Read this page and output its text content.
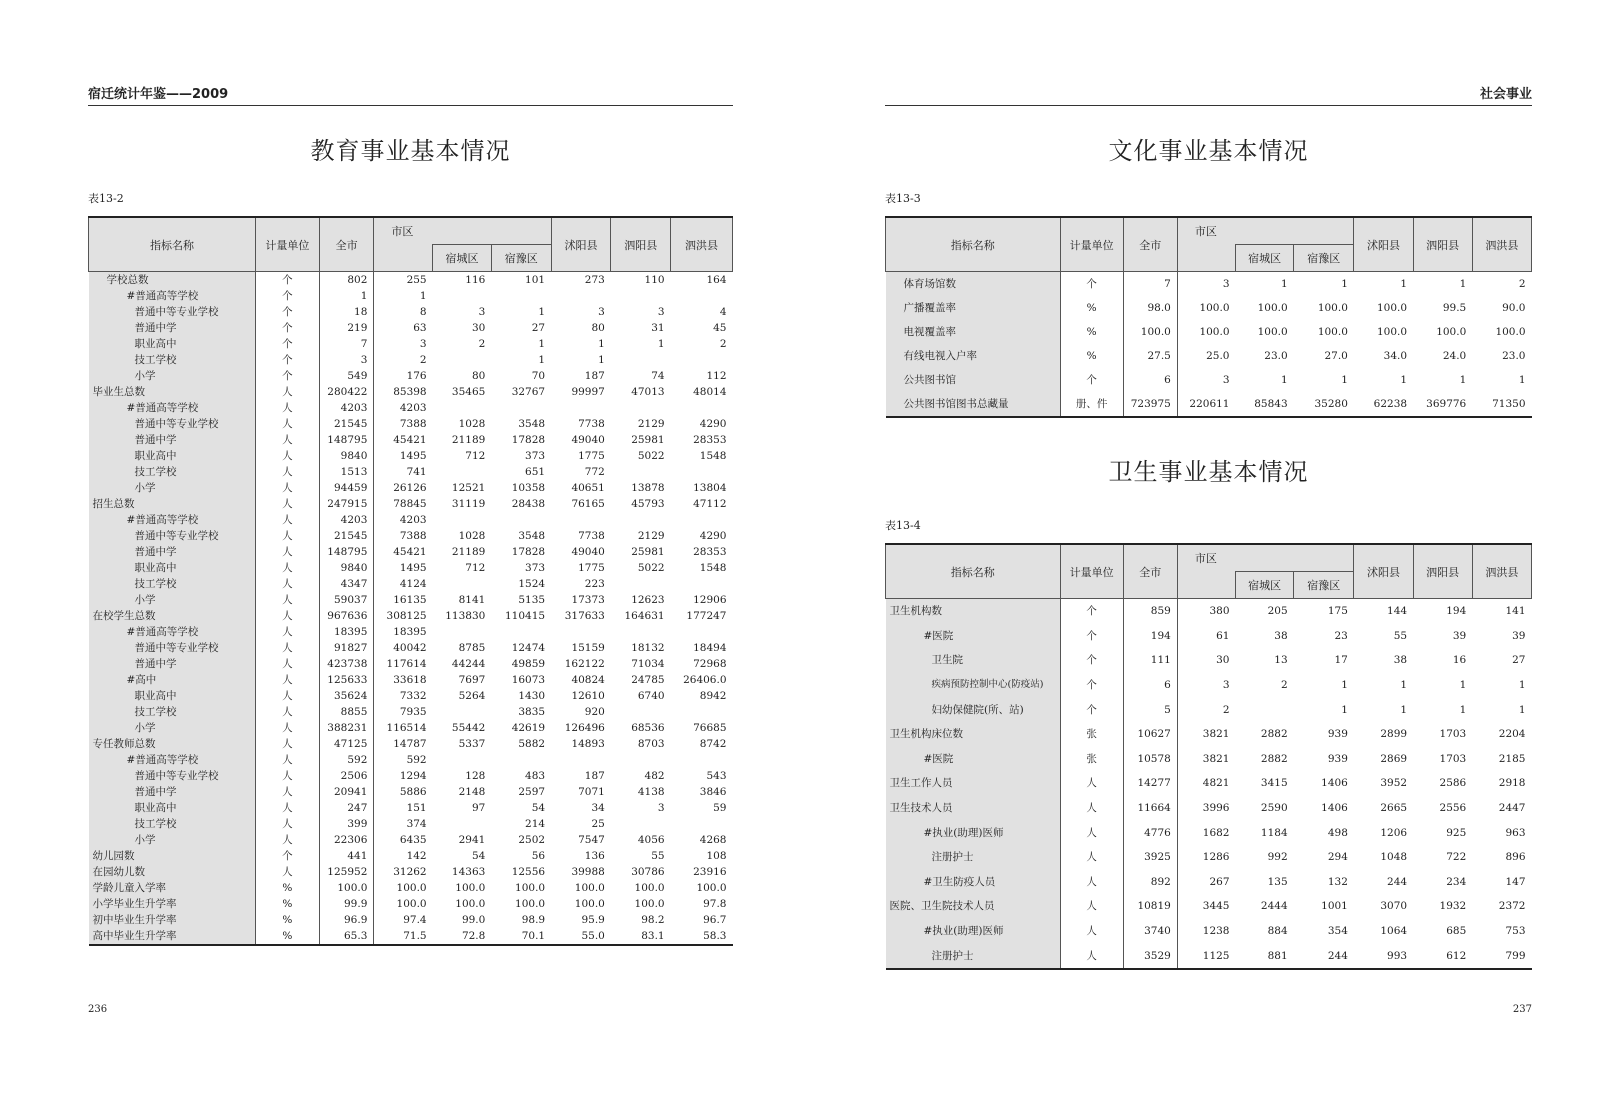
宿迁统计年鉴——2009
教育事业基本情况
表13-2
指标名称	计量单位	全市	市区			沭阳县	泗阳县	泗洪县
				宿城区	宿豫区			
学校总数	个	802	255	116	101	273	110	164
#普通高等学校	个	1	1					
普通中等专业学校	个	18	8	3	1	3	3	4
普通中学	个	219	63	30	27	80	31	45
职业高中	个	7	3	2	1	1	1	2
技工学校	个	3	2		1	1		
小学	个	549	176	80	70	187	74	112
毕业生总数	人	280422	85398	35465	32767	99997	47013	48014
#普通高等学校	人	4203	4203					
普通中等专业学校	人	21545	7388	1028	3548	7738	2129	4290
普通中学	人	148795	45421	21189	17828	49040	25981	28353
职业高中	人	9840	1495	712	373	1775	5022	1548
技工学校	人	1513	741		651	772		
小学	人	94459	26126	12521	10358	40651	13878	13804
招生总数	人	247915	78845	31119	28438	76165	45793	47112
#普通高等学校	人	4203	4203					
普通中等专业学校	人	21545	7388	1028	3548	7738	2129	4290
普通中学	人	148795	45421	21189	17828	49040	25981	28353
职业高中	人	9840	1495	712	373	1775	5022	1548
技工学校	人	4347	4124		1524	223		
小学	人	59037	16135	8141	5135	17373	12623	12906
在校学生总数	人	967636	308125	113830	110415	317633	164631	177247
#普通高等学校	人	18395	18395					
普通中等专业学校	人	91827	40042	8785	12474	15159	18132	18494
普通中学	人	423738	117614	44244	49859	162122	71034	72968
#高中	人	125633	33618	7697	16073	40824	24785	26406.0
职业高中	人	35624	7332	5264	1430	12610	6740	8942
技工学校	人	8855	7935		3835	920		
小学	人	388231	116514	55442	42619	126496	68536	76685
专任教师总数	人	47125	14787	5337	5882	14893	8703	8742
#普通高等学校	人	592	592					
普通中等专业学校	人	2506	1294	128	483	187	482	543
普通中学	人	20941	5886	2148	2597	7071	4138	3846
职业高中	人	247	151	97	54	34	3	59
技工学校	人	399	374		214	25		
小学	人	22306	6435	2941	2502	7547	4056	4268
幼儿园数	个	441	142	54	56	136	55	108
在园幼儿数	人	125952	31262	14363	12556	39988	30786	23916
学龄儿童入学率	%	100.0	100.0	100.0	100.0	100.0	100.0	100.0
小学毕业生升学率	%	99.9	100.0	100.0	100.0	100.0	100.0	97.8
初中毕业生升学率	%	96.9	97.4	99.0	98.9	95.9	98.2	96.7
高中毕业生升学率	%	65.3	71.5	72.8	70.1	55.0	83.1	58.3
236
社会事业
文化事业基本情况
表13-3
指标名称	计量单位	全市	市区			沭阳县	泗阳县	泗洪县
				宿城区	宿豫区			
体育场馆数	个	7	3	1	1	1	1	2
广播覆盖率	%	98.0	100.0	100.0	100.0	100.0	99.5	90.0
电视覆盖率	%	100.0	100.0	100.0	100.0	100.0	100.0	100.0
有线电视入户率	%	27.5	25.0	23.0	27.0	34.0	24.0	23.0
公共图书馆	个	6	3	1	1	1	1	1
公共图书馆图书总藏量	册、件	723975	220611	85843	35280	62238	369776	71350
卫生事业基本情况
表13-4
指标名称	计量单位	全市	市区			沭阳县	泗阳县	泗洪县
				宿城区	宿豫区			
卫生机构数	个	859	380	205	175	144	194	141
#医院	个	194	61	38	23	55	39	39
卫生院	个	111	30	13	17	38	16	27
疾病预防控制中心(防疫站)	个	6	3	2	1	1	1	1
妇幼保健院(所、站)	个	5	2		1	1	1	1
卫生机构床位数	张	10627	3821	2882	939	2899	1703	2204
#医院	张	10578	3821	2882	939	2869	1703	2185
卫生工作人员	人	14277	4821	3415	1406	3952	2586	2918
卫生技术人员	人	11664	3996	2590	1406	2665	2556	2447
#执业(助理)医师	人	4776	1682	1184	498	1206	925	963
注册护士	人	3925	1286	992	294	1048	722	896
#卫生防疫人员	人	892	267	135	132	244	234	147
医院、卫生院技术人员	人	10819	3445	2444	1001	3070	1932	2372
#执业(助理)医师	人	3740	1238	884	354	1064	685	753
注册护士	人	3529	1125	881	244	993	612	799
237
